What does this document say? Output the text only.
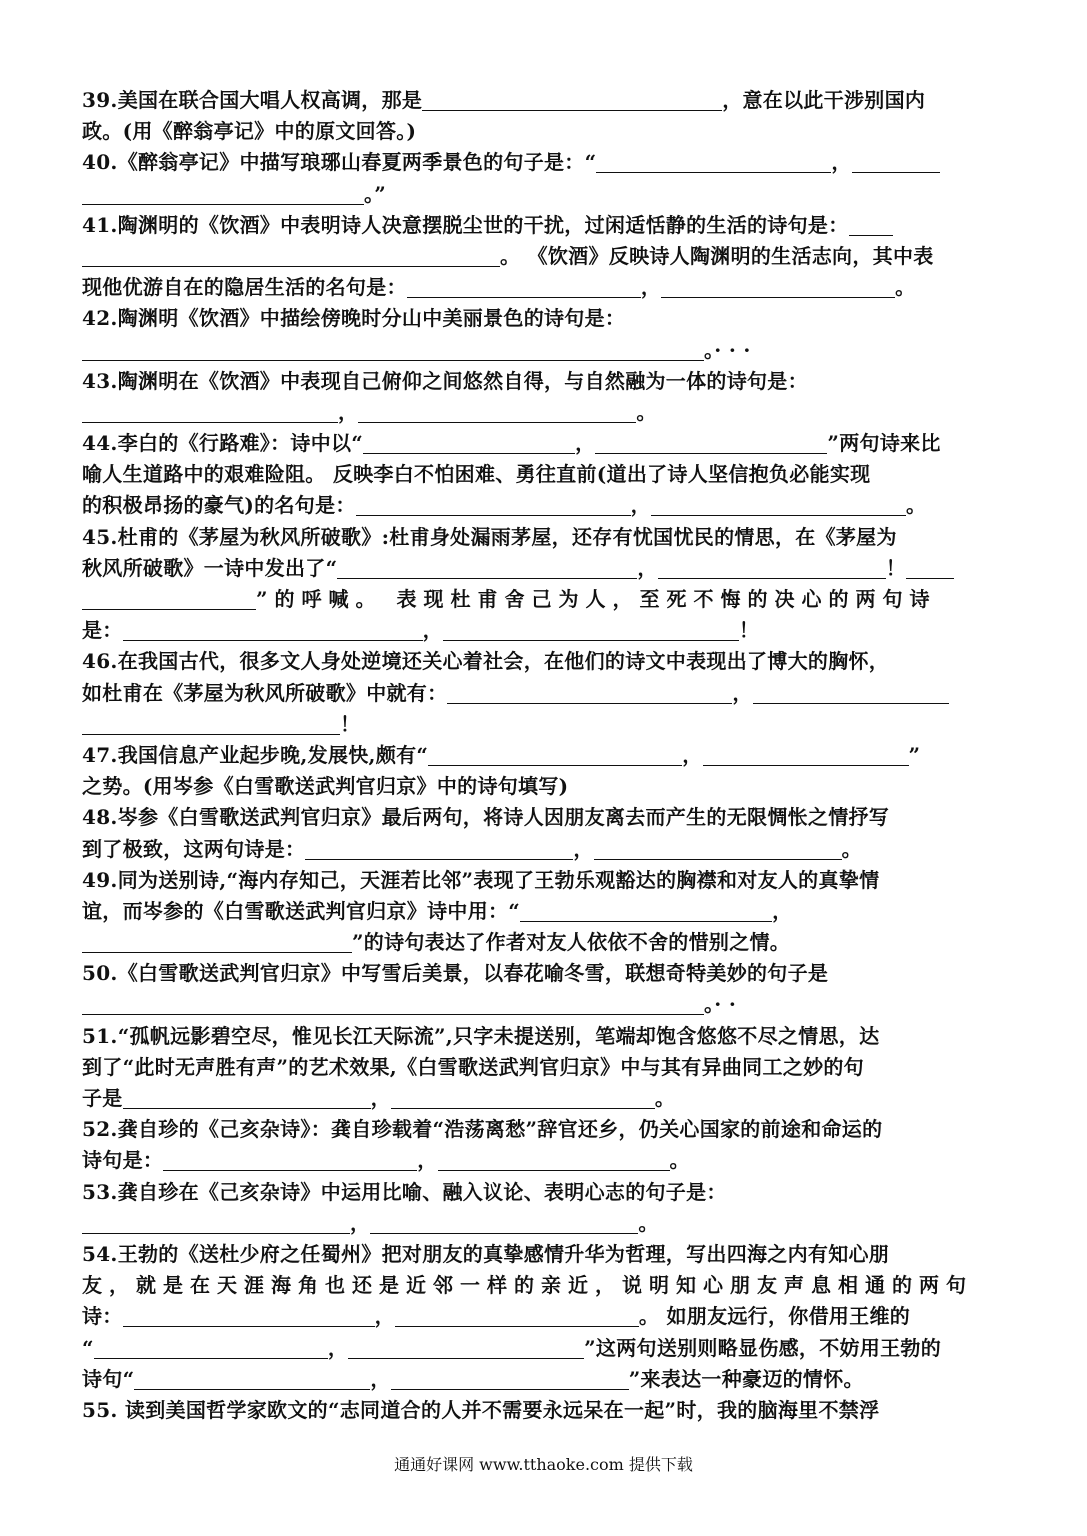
39.美国在联合国大唱人权高调，那是	，意在以此干涉别国内
政。(用《醉翁亭记》中的原文回答。)
40.《醉翁亭记》中描写琅琊山春夏两季景色的句子是：“	，
。”
41.陶渊明的《饮酒》中表明诗人决意摆脱尘世的干扰，过闲适恬静的生活的诗句是：
。 《饮酒》反映诗人陶渊明的生活志向，其中表
现他优游自在的隐居生活的名句是：	，	。
42.陶渊明《饮酒》中描绘傍晚时分山中美丽景色的诗句是：
。· · ·
43.陶渊明在《饮酒》中表现自己俯仰之间悠然自得，与自然融为一体的诗句是：
，	。
44.李白的《行路难》：诗中以“	，	”两句诗来比
喻人生道路中的艰难险阻。 反映李白不怕困难、勇往直前(道出了诗人坚信抱负必能实现
的积极昂扬的豪气)的名句是：	，	。
45.杜甫的《茅屋为秋风所破歌》:杜甫身处漏雨茅屋，还存有忧国忧民的情思，在《茅屋为
秋风所破歌》一诗中发出了“	，	！
”的呼喊。 表现杜甫舍己为人，至死不悔的决心的两句诗
是：	，	！
46.在我国古代，很多文人身处逆境还关心着社会，在他们的诗文中表现出了博大的胸怀，
如杜甫在《茅屋为秋风所破歌》中就有：	，
！
47.我国信息产业起步晚,发展快,颇有“	，	”
之势。(用岑参《白雪歌送武判官归京》中的诗句填写)
48.岑参《白雪歌送武判官归京》最后两句，将诗人因朋友离去而产生的无限惆怅之情抒写
到了极致，这两句诗是：	，	。
49.同为送别诗,“海内存知己，天涯若比邻”表现了王勃乐观豁达的胸襟和对友人的真挚情
谊，而岑参的《白雪歌送武判官归京》诗中用：“	，
”的诗句表达了作者对友人依依不舍的惜别之情。
50.《白雪歌送武判官归京》中写雪后美景，以春花喻冬雪，联想奇特美妙的句子是
。· ·
51.“孤帆远影碧空尽，惟见长江天际流”,只字未提送别，笔端却饱含悠悠不尽之情思，达
到了“此时无声胜有声”的艺术效果,《白雪歌送武判官归京》中与其有异曲同工之妙的句
子是	，	。
52.龚自珍的《己亥杂诗》：龚自珍载着“浩荡离愁”辞官还乡，仍关心国家的前途和命运的
诗句是：	，	。
53.龚自珍在《己亥杂诗》中运用比喻、融入议论、表明心志的句子是：
，	。
54.王勃的《送杜少府之任蜀州》把对朋友的真挚感情升华为哲理，写出四海之内有知心朋
友，就是在天涯海角也还是近邻一样的亲近，说明知心朋友声息相通的两句
诗：	，	。 如朋友远行，你借用王维的
“	，	”这两句送别则略显伤感，不妨用王勃的
诗句“	，	”来表达一种豪迈的情怀。
55. 读到美国哲学家欧文的“志同道合的人并不需要永远呆在一起”时，我的脑海里不禁浮
通通好课网 www.tthaoke.com 提供下载
